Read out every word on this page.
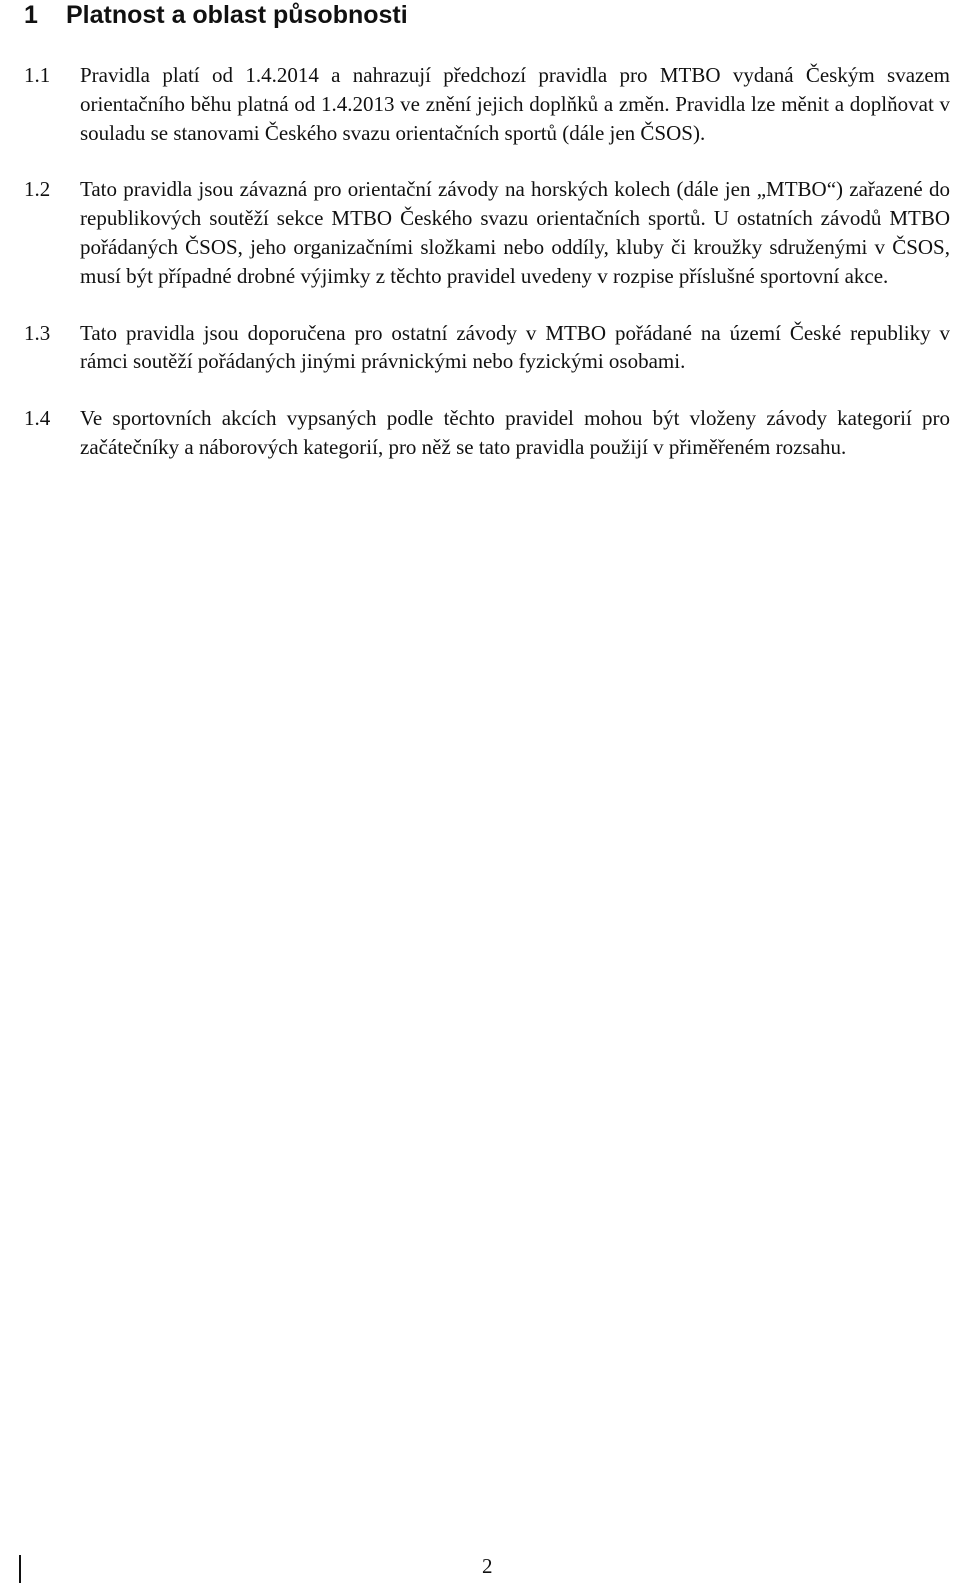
1 Platnost a oblast působnosti
1.1	Pravidla platí od 1.4.2014 a nahrazují předchozí pravidla pro MTBO vydaná Českým svazem orientačního běhu platná od 1.4.2013 ve znění jejich doplňků a změn. Pravidla lze měnit a doplňovat v souladu se stanovami Českého svazu orientačních sportů (dále jen ČSOS).
1.2	Tato pravidla jsou závazná pro orientační závody na horských kolech (dále jen „MTBO“) zařazené do republikových soutěží sekce MTBO Českého svazu orientačních sportů. U ostatních závodů MTBO pořádaných ČSOS, jeho organizačními složkami nebo oddíly, kluby či kroužky sdruženými v ČSOS, musí být případné drobné výjimky z těchto pravidel uvedeny v rozpise příslušné sportovní akce.
1.3	Tato pravidla jsou doporučena pro ostatní závody v MTBO pořádané na území České republiky v rámci soutěží pořádaných jinými právnickými nebo fyzickými osobami.
1.4	Ve sportovních akcích vypsaných podle těchto pravidel mohou být vloženy závody kategorií pro začátečníky a náborových kategorií, pro něž se tato pravidla použijí v přiměřeném rozsahu.
2
